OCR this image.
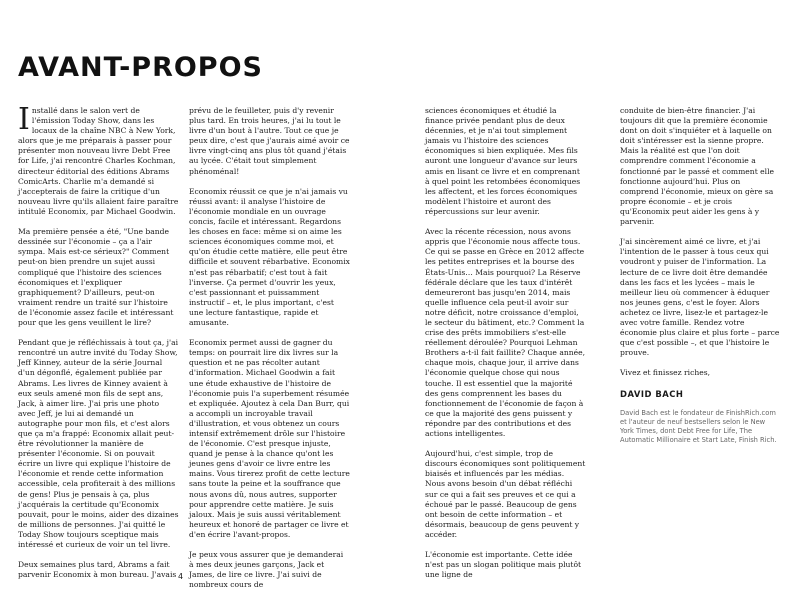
AVANT-PROPOS

Installé dans le salon vert de l'émission Today Show, dans les locaux de la chaîne NBC à New York, alors que je me préparais à passer pour présenter mon nouveau livre Debt Free for Life, j'ai rencontré Charles Kochman, directeur éditorial des éditions Abrams ComicArts. Charlie m'a demandé si j'accepterais de faire la critique d'un nouveau livre qu'ils allaient faire paraître intitulé Economix, par Michael Goodwin.

Ma première pensée a été, "Une bande dessinée sur l'économie – ça a l'air sympa. Mais est-ce sérieux?" Comment peut-on bien prendre un sujet aussi compliqué que l'histoire des sciences économiques et l'expliquer graphiquement? D'ailleurs, peut-on vraiment rendre un traité sur l'histoire de l'économie assez facile et intéressant pour que les gens veuillent le lire?

Pendant que je réfléchissais à tout ça, j'ai rencontré un autre invité du Today Show, Jeff Kinney, auteur de la série Journal d'un dégonflé, également publiée par Abrams. Les livres de Kinney avaient à eux seuls amené mon fils de sept ans, Jack, à aimer lire. J'ai pris une photo avec Jeff, je lui ai demandé un autographe pour mon fils, et c'est alors que ça m'a frappé: Economix allait peut-être révolutionner la manière de présenter l'économie. Si on pouvait écrire un livre qui explique l'histoire de l'économie et rende cette information accessible, cela profiterait à des millions de gens! Plus je pensais à ça, plus j'acquérais la certitude qu'Economix pouvait, pour le moins, aider des dizaines de millions de personnes. J'ai quitté le Today Show toujours sceptique mais intéressé et curieux de voir un tel livre.

Deux semaines plus tard, Abrams a fait parvenir Economix à mon bureau. J'avais

prévu de le feuilleter, puis d'y revenir plus tard. En trois heures, j'ai lu tout le livre d'un bout à l'autre. Tout ce que je peux dire, c'est que j'aurais aimé avoir ce livre vingt-cinq ans plus tôt quand j'étais au lycée. C'était tout simplement phénoménal!

Economix réussit ce que je n'ai jamais vu réussi avant: il analyse l'histoire de l'économie mondiale en un ouvrage concis, facile et intéressant. Regardons les choses en face: même si on aime les sciences économiques comme moi, et qu'on étudie cette matière, elle peut être difficile et souvent rébarbative. Economix n'est pas rébarbatif; c'est tout à fait l'inverse. Ça permet d'ouvrir les yeux, c'est passionnant et puissamment instructif – et, le plus important, c'est une lecture fantastique, rapide et amusante.

Economix permet aussi de gagner du temps: on pourrait lire dix livres sur la question et ne pas récolter autant d'information. Michael Goodwin a fait une étude exhaustive de l'histoire de l'économie puis l'a superbement résumée et expliquée. Ajoutez à cela Dan Burr, qui a accompli un incroyable travail d'illustration, et vous obtenez un cours intensif extrêmement drôle sur l'histoire de l'économie. C'est presque injuste, quand je pense à la chance qu'ont les jeunes gens d'avoir ce livre entre les mains. Vous tirerez profit de cette lecture sans toute la peine et la souffrance que nous avons dû, nous autres, supporter pour apprendre cette matière. Je suis jaloux. Mais je suis aussi véritablement heureux et honoré de partager ce livre et d'en écrire l'avant-propos.

Je peux vous assurer que je demanderai à mes deux jeunes garçons, Jack et James, de lire ce livre. J'ai suivi de nombreux cours de

sciences économiques et étudié la finance privée pendant plus de deux décennies, et je n'ai tout simplement jamais vu l'histoire des sciences économiques si bien expliquée. Mes fils auront une longueur d'avance sur leurs amis en lisant ce livre et en comprenant à quel point les retombées économiques les affectent, et les forces économiques modèlent l'histoire et auront des répercussions sur leur avenir.

Avec la récente récession, nous avons appris que l'économie nous affecte tous. Ce qui se passe en Grèce en 2012 affecte les petites entreprises et la bourse des États-Unis… Mais pourquoi? La Réserve fédérale déclare que les taux d'intérêt demeureront bas jusqu'en 2014, mais quelle influence cela peut-il avoir sur notre déficit, notre croissance d'emploi, le secteur du bâtiment, etc.? Comment la crise des prêts immobiliers s'est-elle réellement déroulée? Pourquoi Lehman Brothers a-t-il fait faillite? Chaque année, chaque mois, chaque jour, il arrive dans l'économie quelque chose qui nous touche. Il est essentiel que la majorité des gens comprennent les bases du fonctionnement de l'économie de façon à ce que la majorité des gens puissent y répondre par des contributions et des actions intelligentes.

Aujourd'hui, c'est simple, trop de discours économiques sont politiquement biaisés et influencés par les médias. Nous avons besoin d'un débat réfléchi sur ce qui a fait ses preuves et ce qui a échoué par le passé. Beaucoup de gens ont besoin de cette information – et désormais, beaucoup de gens peuvent y accéder.

L'économie est importante. Cette idée n'est pas un slogan politique mais plutôt une ligne de

conduite de bien-être financier. J'ai toujours dit que la première économie dont on doit s'inquiéter et à laquelle on doit s'intéresser est la sienne propre. Mais la réalité est que l'on doit comprendre comment l'économie a fonctionné par le passé et comment elle fonctionne aujourd'hui. Plus on comprend l'économie, mieux on gère sa propre économie – et je crois qu'Economix peut aider les gens à y parvenir.

J'ai sincèrement aimé ce livre, et j'ai l'intention de le passer à tous ceux qui voudront y puiser de l'information. La lecture de ce livre doit être demandée dans les facs et les lycées – mais le meilleur lieu où commencer à éduquer nos jeunes gens, c'est le foyer. Alors achetez ce livre, lisez-le et partagez-le avec votre famille. Rendez votre économie plus claire et plus forte – parce que c'est possible –, et que l'histoire le prouve.

Vivez et finissez riches,

DAVID BACH

David Bach est le fondateur de FinishRich.com et l'auteur de neuf bestsellers selon le New York Times, dont Debt Free for Life, The Automatic Millionaire et Start Late, Finish Rich.

4
